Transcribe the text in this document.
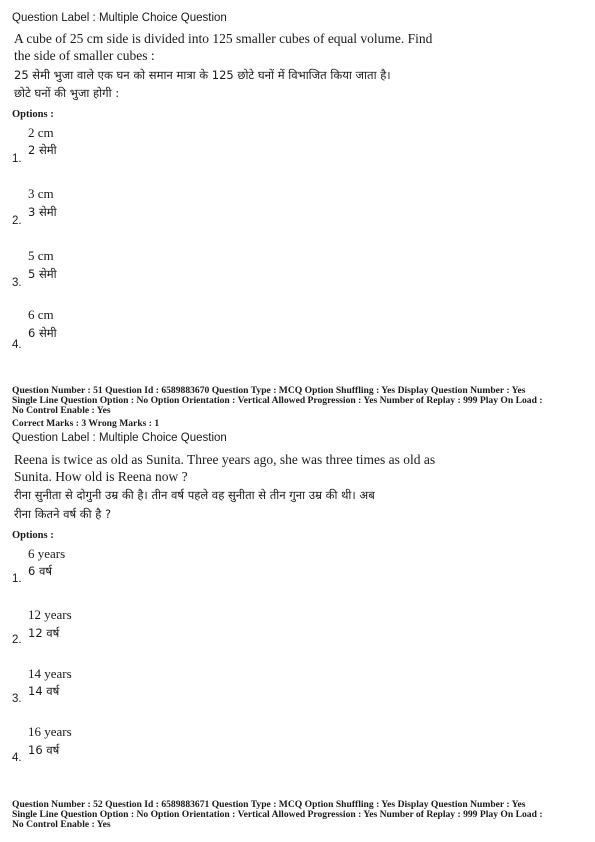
Question Label : Multiple Choice Question
A cube of 25 cm side is divided into 125 smaller cubes of equal volume. Find
the side of smaller cubes :
25 सेमी भुजा वाले एक घन को समान मात्रा के 125 छोटे घनों में विभाजित किया जाता है।
छोटे घनों की भुजा होगी :
Options :
2 cm
2 सेमी
1.
3 cm
3 सेमी
2.
5 cm
5 सेमी
3.
6 cm
6 सेमी
4.
Question Number : 51 Question Id : 6589883670 Question Type : MCQ Option Shuffling : Yes Display Question Number : Yes
Single Line Question Option : No Option Orientation : Vertical Allowed Progression : Yes Number of Replay : 999 Play On Load :
No Control Enable : Yes
Correct Marks : 3 Wrong Marks : 1
Question Label : Multiple Choice Question
Reena is twice as old as Sunita. Three years ago, she was three times as old as
Sunita. How old is Reena now ?
रीना सुनीता से दोगुनी उम्र की है। तीन वर्ष पहले वह सुनीता से तीन गुना उम्र की थी। अब
रीना कितने वर्ष की है ?
Options :
6 years
6 वर्ष
1.
12 years
12 वर्ष
2.
14 years
14 वर्ष
3.
16 years
16 वर्ष
4.
Question Number : 52 Question Id : 6589883671 Question Type : MCQ Option Shuffling : Yes Display Question Number : Yes
Single Line Question Option : No Option Orientation : Vertical Allowed Progression : Yes Number of Replay : 999 Play On Load :
No Control Enable : Yes
